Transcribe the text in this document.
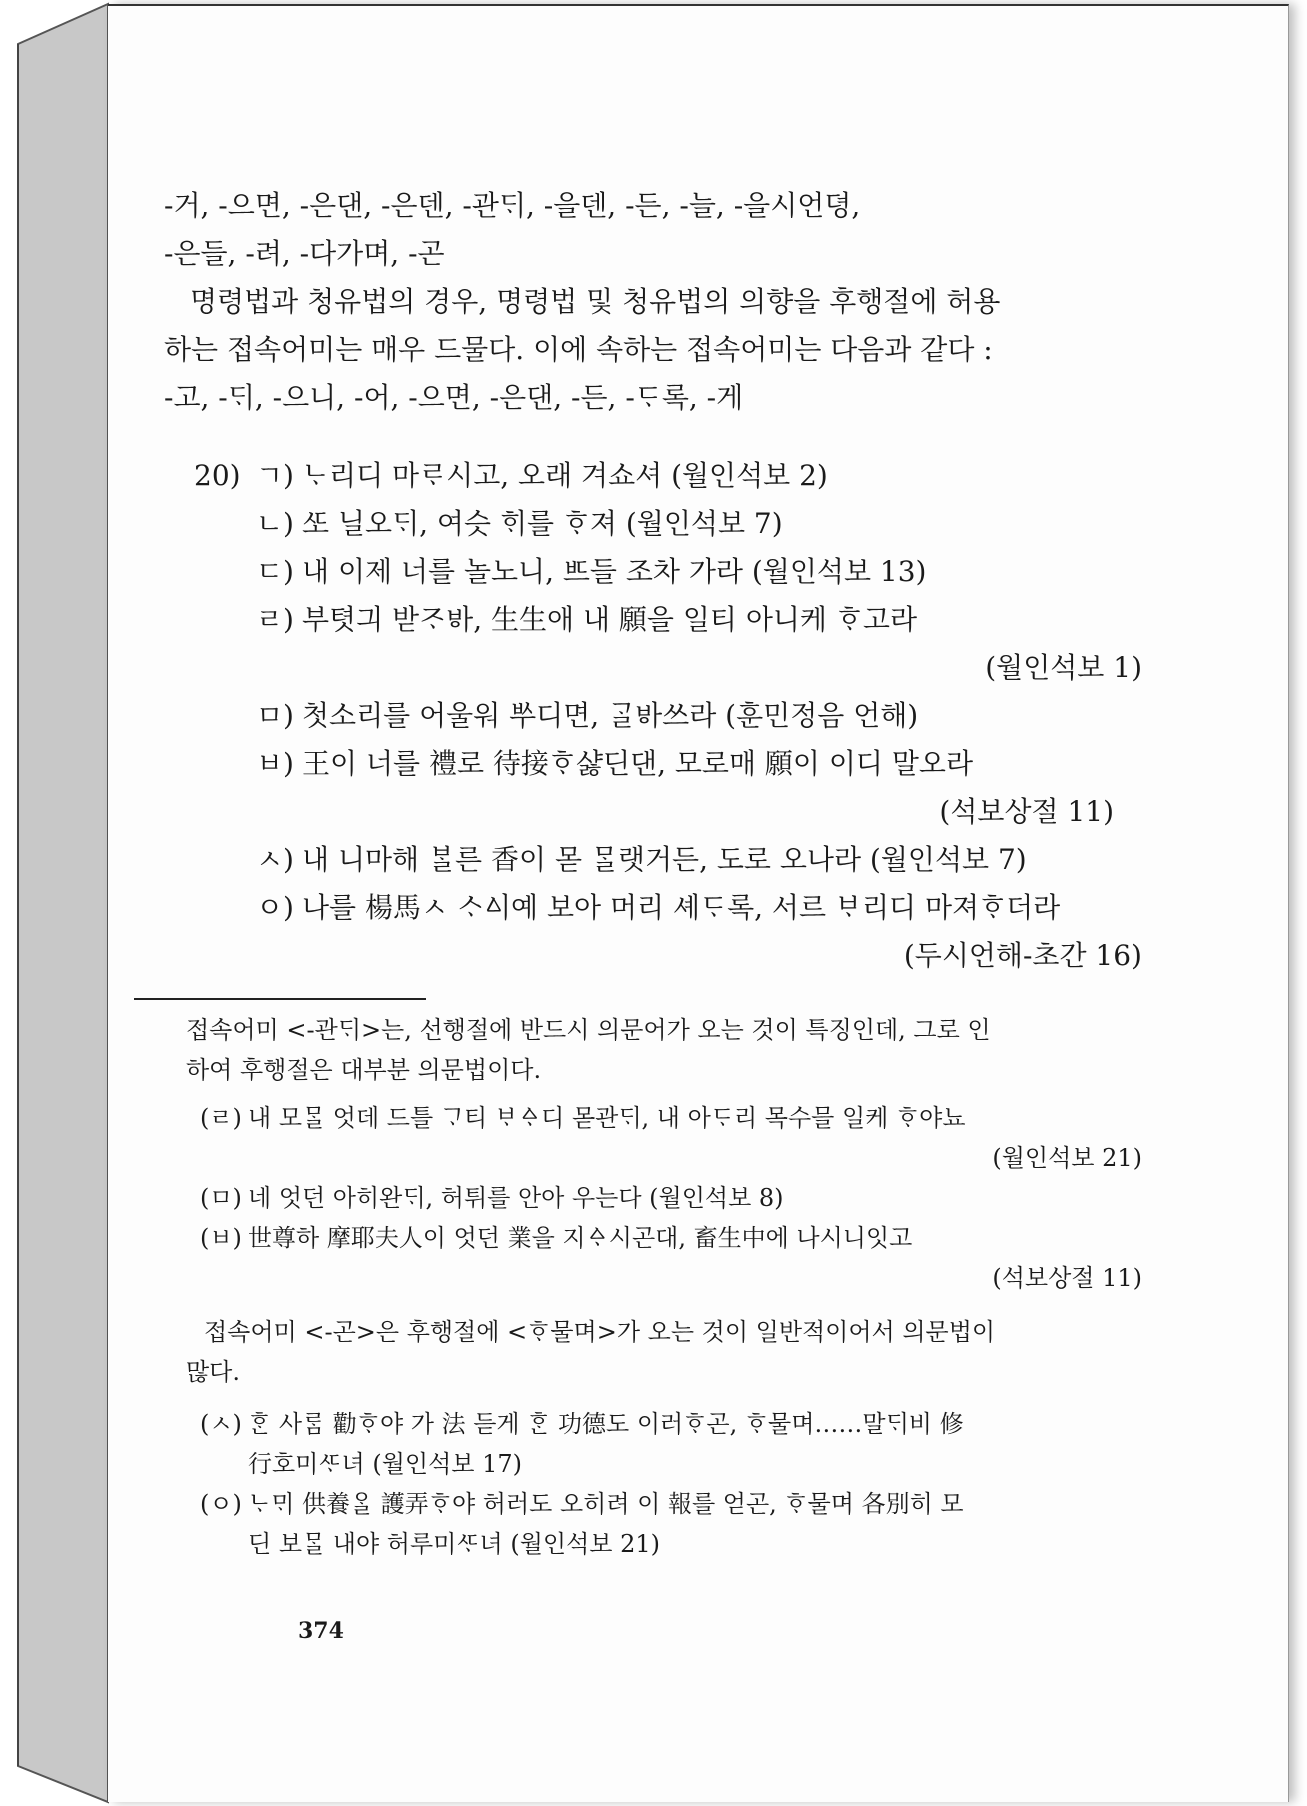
-거, -으면, -은댄, -은덴, -관ᄃᆡ, -을덴, -든, -늘, -을시언뎡,
-은들, -려, -다가며, -곤
명령법과 청유법의 경우, 명령법 및 청유법의 의향을 후행절에 허용
하는 접속어미는 매우 드물다. 이에 속하는 접속어미는 다음과 같다 :
-고, -ᄃᆡ, -으니, -어, -으면, -은댄, -든, -ᄃᆞ록, -게
20) ㄱ) ᄂᆞ리디 마ᄅᆞ시고, 오래 겨쇼셔 (월인석보 2)
ㄴ) ᄯᅩ 닐오ᄃᆡ, 여슷 ᄒᆡ를 ᄒᆞ져 (월인석보 7)
ㄷ) 내 이제 너를 놀노니, ᄠᅳ들 조차 가라 (월인석보 13)
ㄹ) 부텻긔 받ᄌᆞᄫᅡ, 生生애 내 願을 일티 아니케 ᄒᆞ고라
(월인석보 1)
ㅁ) 첫소리를 어울워 ᄡᅮ디면, ᄀᆞᆯᄫᅡ쓰라 (훈민정음 언해)
ㅂ) 王이 너를 禮로 待接ᄒᆞ샳딘댄, 모로매 願이 이디 말오라
(석보상절 11)
ㅅ) 내 니마해 ᄇᆞᆯ른 香이 몯 ᄆᆞᆯ랫거든, 도로 오나라 (월인석보 7)
ㅇ) 나를 楊馬ㅅ ᄉᆞᅀᅵ예 보아 머리 셰ᄃᆞ록, 서르 ᄇᆞ리디 마져ᄒᆞ더라
(두시언해-초간 16)
접속어미 <-관ᄃᆡ>는, 선행절에 반드시 의문어가 오는 것이 특징인데, 그로 인
하여 후행절은 대부분 의문법이다.
(ㄹ) 내 모ᄆᆞᆯ 엇데 드틀 ᄀᆞ티 ᄇᆞᅀᆞ디 몯관ᄃᆡ, 내 아ᄃᆞ리 목수믈 일케 ᄒᆞ야뇨
(월인석보 21)
(ㅁ) 네 엇던 아히완ᄃᆡ, 허튀를 안아 우는다 (월인석보 8)
(ㅂ) 世尊하 摩耶夫人이 엇던 業을 지ᅀᆞ시곤대, 畜生中에 나시니잇고
(석보상절 11)
접속어미 <-곤>은 후행절에 <ᄒᆞ물며>가 오는 것이 일반적이어서 의문법이
많다.
(ㅅ) ᄒᆞᆫ 사ᄅᆞᆷ 勸ᄒᆞ야 가 法 듣게 ᄒᆞᆫ 功德도 이러ᄒᆞ곤, ᄒᆞ물며……말ᄃᆡ비 修
行호미ᄯᆞ녀 (월인석보 17)
(ㅇ) ᄂᆞᄆᆡ 供養ᄋᆞᆯ 護弄ᄒᆞ야 허러도 오히려 이 報를 얻곤, ᄒᆞ물며 各別히 모
딘 보ᄆᆞᆯ 내야 허루미ᄯᆞ녀 (월인석보 21)
374
